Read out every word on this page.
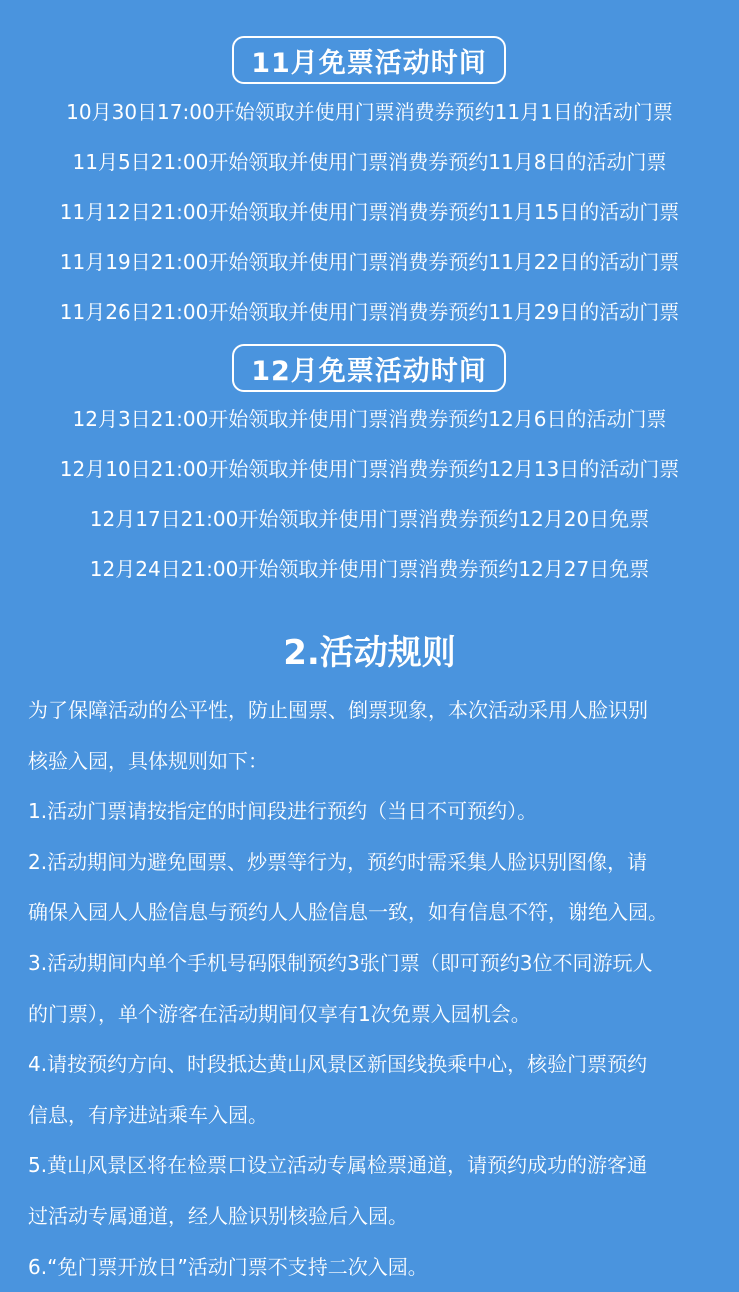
11月免票活动时间
10月30日17:00开始领取并使用门票消费券预约11月1日的活动门票
11月5日21:00开始领取并使用门票消费券预约11月8日的活动门票
11月12日21:00开始领取并使用门票消费券预约11月15日的活动门票
11月19日21:00开始领取并使用门票消费券预约11月22日的活动门票
11月26日21:00开始领取并使用门票消费券预约11月29日的活动门票
12月免票活动时间
12月3日21:00开始领取并使用门票消费券预约12月6日的活动门票
12月10日21:00开始领取并使用门票消费券预约12月13日的活动门票
12月17日21:00开始领取并使用门票消费券预约12月20日免票
12月24日21:00开始领取并使用门票消费券预约12月27日免票
2.活动规则
为了保障活动的公平性，防止囤票、倒票现象，本次活动采用人脸识别
核验入园，具体规则如下：
1.活动门票请按指定的时间段进行预约（当日不可预约）。
2.活动期间为避免囤票、炒票等行为，预约时需采集人脸识别图像，请
确保入园人人脸信息与预约人人脸信息一致，如有信息不符，谢绝入园。
3.活动期间内单个手机号码限制预约3张门票（即可预约3位不同游玩人
的门票），单个游客在活动期间仅享有1次免票入园机会。
4.请按预约方向、时段抵达黄山风景区新国线换乘中心，核验门票预约
信息，有序进站乘车入园。
5.黄山风景区将在检票口设立活动专属检票通道，请预约成功的游客通
过活动专属通道，经人脸识别核验后入园。
6.“免门票开放日”活动门票不支持二次入园。
